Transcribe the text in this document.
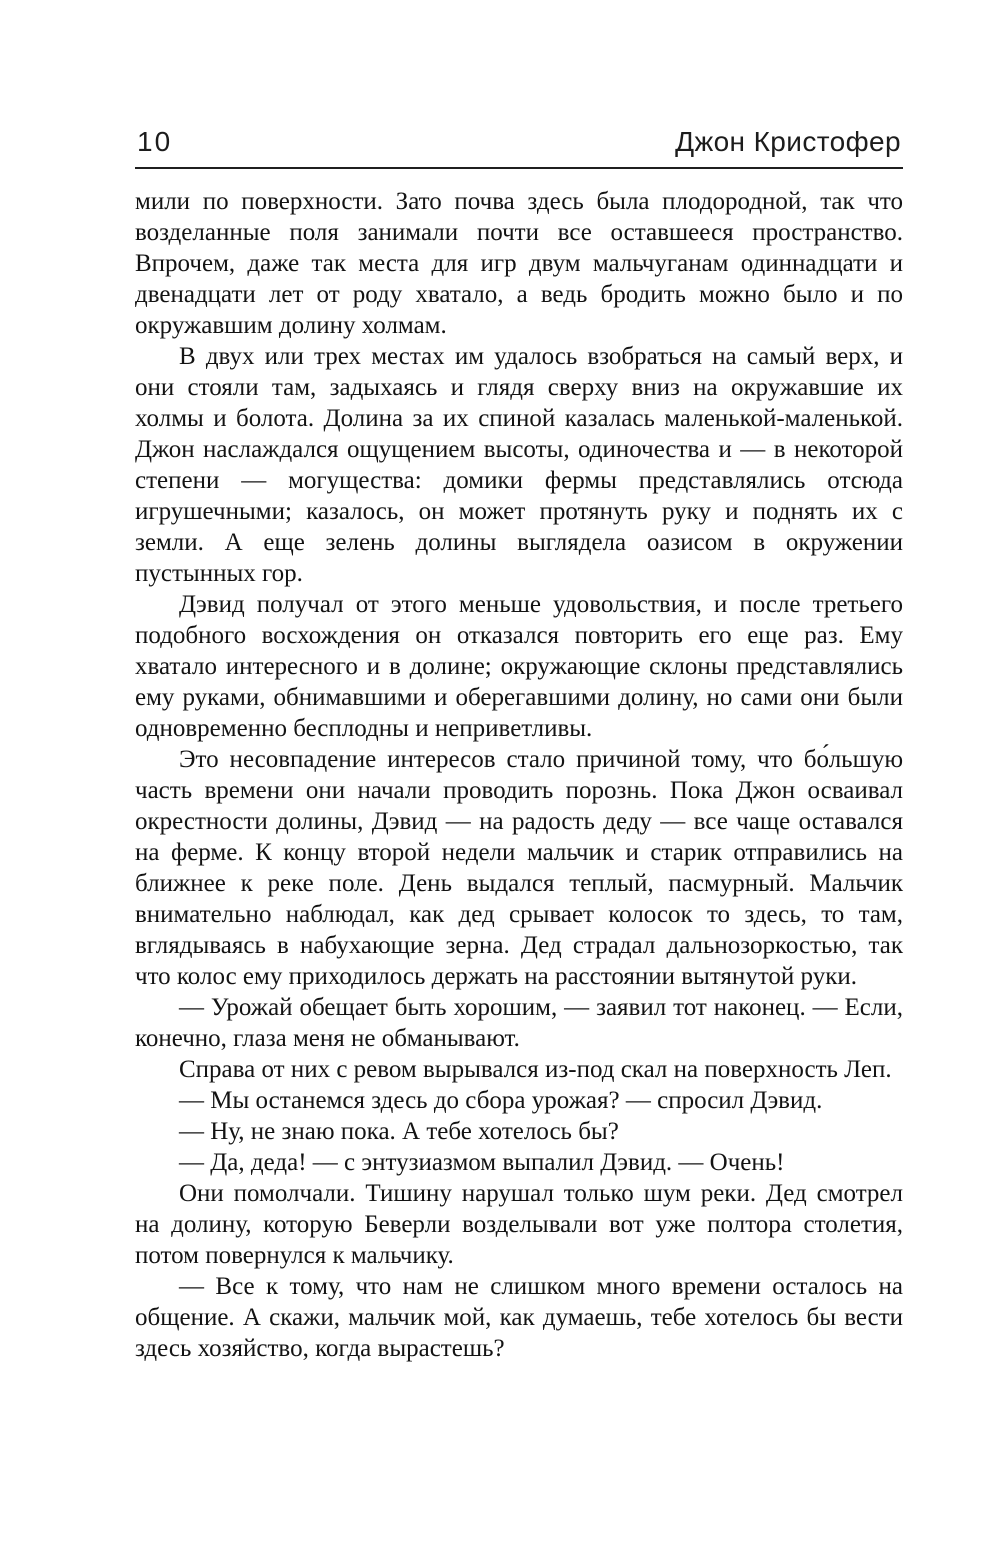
10	Джон Кристофер

мили по поверхности. Зато почва здесь была плодородной, так что возделанные поля занимали почти все оставшееся пространство. Впрочем, даже так места для игр двум мальчуганам одиннадцати и двенадцати лет от роду хватало, а ведь бродить можно было и по окружавшим долину холмам.

В двух или трех местах им удалось взобраться на самый верх, и они стояли там, задыхаясь и глядя сверху вниз на окружавшие их холмы и болота. Долина за их спиной казалась маленькой-маленькой. Джон наслаждался ощущением высоты, одиночества и — в некоторой степени — могущества: домики фермы представлялись отсюда игрушечными; казалось, он может протянуть руку и поднять их с земли. А еще зелень долины выглядела оазисом в окружении пустынных гор.

Дэвид получал от этого меньше удовольствия, и после третьего подобного восхождения он отказался повторить его еще раз. Ему хватало интересного и в долине; окружающие склоны представлялись ему руками, обнимавшими и оберегавшими долину, но сами они были одновременно бесплодны и неприветливы.

Это несовпадение интересов стало причиной тому, что бо́льшую часть времени они начали проводить порознь. Пока Джон осваивал окрестности долины, Дэвид — на радость деду — все чаще оставался на ферме. К концу второй недели мальчик и старик отправились на ближнее к реке поле. День выдался теплый, пасмурный. Мальчик внимательно наблюдал, как дед срывает колосок то здесь, то там, вглядываясь в набухающие зерна. Дед страдал дальнозоркостью, так что колос ему приходилось держать на расстоянии вытянутой руки.

— Урожай обещает быть хорошим, — заявил тот наконец. — Если, конечно, глаза меня не обманывают.

Справа от них с ревом вырывался из-под скал на поверхность Леп.

— Мы останемся здесь до сбора урожая? — спросил Дэвид.

— Ну, не знаю пока. А тебе хотелось бы?

— Да, деда! — с энтузиазмом выпалил Дэвид. — Очень!

Они помолчали. Тишину нарушал только шум реки. Дед смотрел на долину, которую Беверли возделывали вот уже полтора столетия, потом повернулся к мальчику.

— Все к тому, что нам не слишком много времени осталось на общение. А скажи, мальчик мой, как думаешь, тебе хотелось бы вести здесь хозяйство, когда вырастешь?
